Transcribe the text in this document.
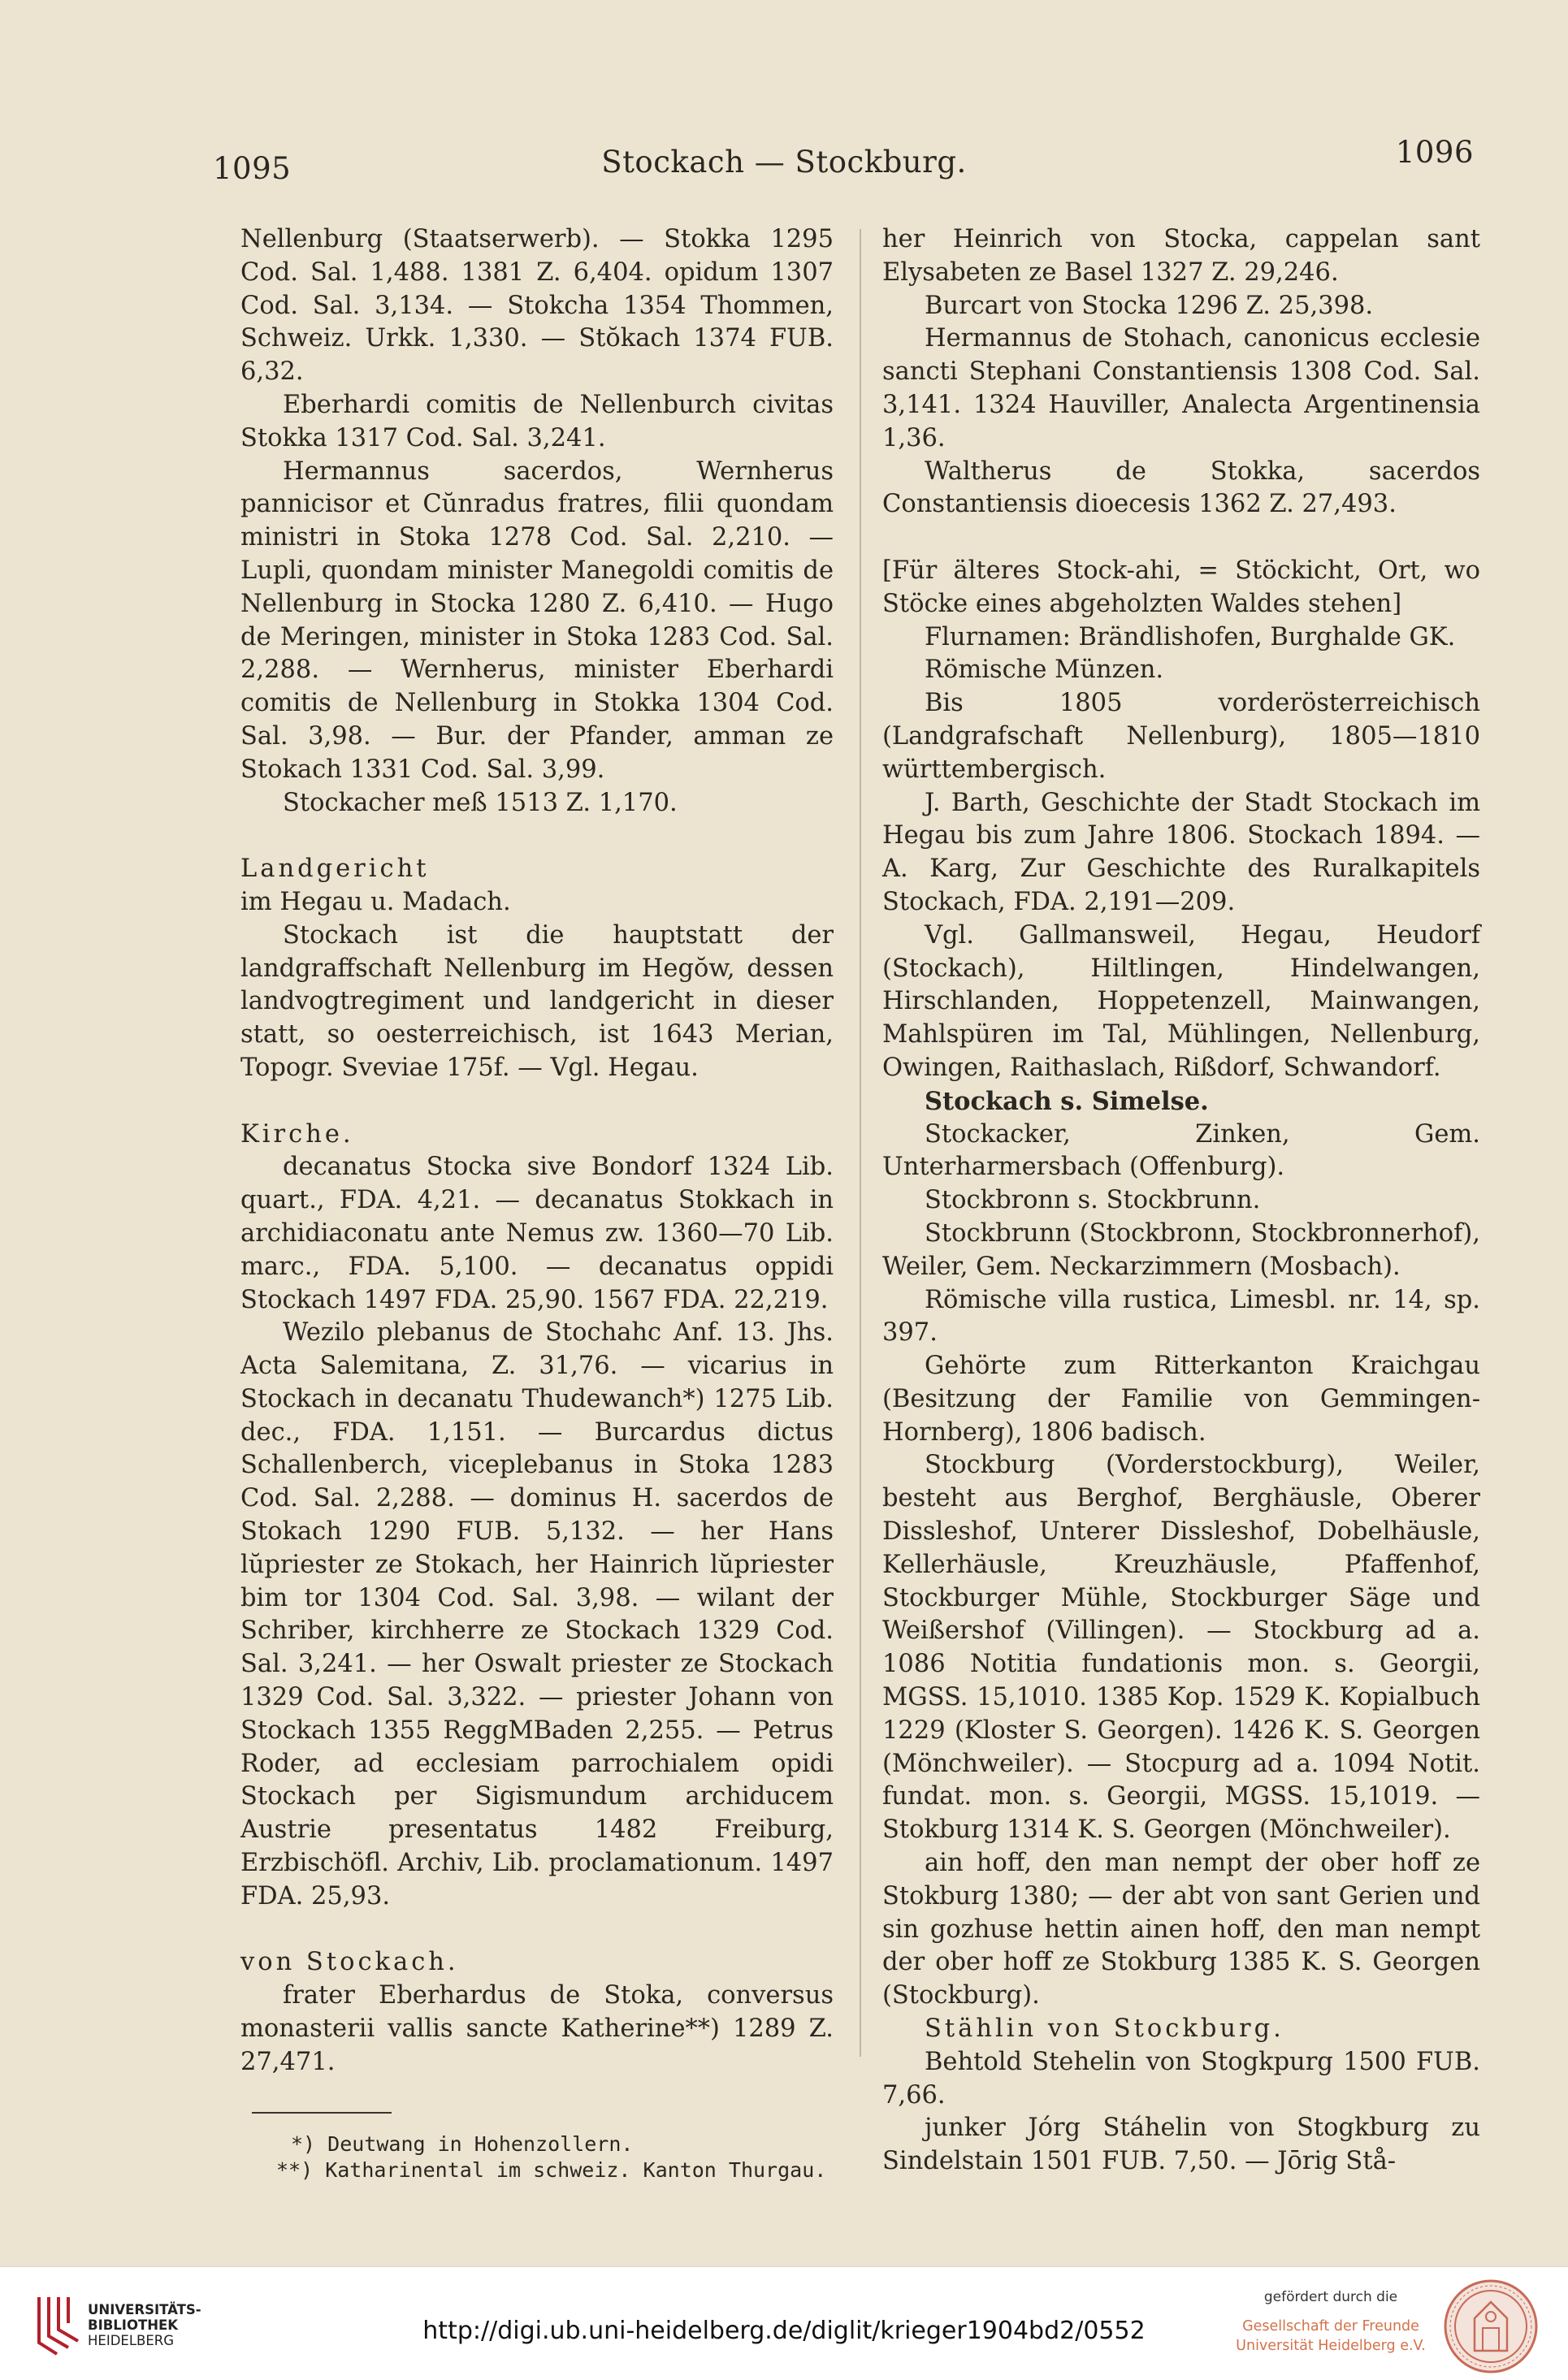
1095	Stockach — Stockburg.	1096

Nellenburg (Staatserwerb). — Stokka 1295 Cod. Sal. 1,488. 1381 Z. 6,404. opidum 1307 Cod. Sal. 3,134. — Stokcha 1354 Thommen, Schweiz. Urkk. 1,330. — Stŏkach 1374 FUB. 6,32.

Eberhardi comitis de Nellenburch civitas Stokka 1317 Cod. Sal. 3,241.

Hermannus sacerdos, Wernherus pannicisor et Cŭnradus fratres, filii quondam ministri in Stoka 1278 Cod. Sal. 2,210. — Lupli, quondam minister Manegoldi comitis de Nellenburg in Stocka 1280 Z. 6,410. — Hugo de Meringen, minister in Stoka 1283 Cod. Sal. 2,288. — Wernherus, minister Eberhardi comitis de Nellenburg in Stokka 1304 Cod. Sal. 3,98. — Bur. der Pfander, amman ze Stokach 1331 Cod. Sal. 3,99.

Stockacher meß 1513 Z. 1,170.

Landgericht

im Hegau u. Madach.

Stockach ist die hauptstatt der landgraffschaft Nellenburg im Hegŏw, dessen landvogtregiment und landgericht in dieser statt, so oesterreichisch, ist 1643 Merian, Topogr. Sveviae 175f. — Vgl. Hegau.

Kirche.

decanatus Stocka sive Bondorf 1324 Lib. quart., FDA. 4,21. — decanatus Stokkach in archidiaconatu ante Nemus zw. 1360—70 Lib. marc., FDA. 5,100. — decanatus oppidi Stockach 1497 FDA. 25,90. 1567 FDA. 22,219.

Wezilo plebanus de Stochahc Anf. 13. Jhs. Acta Salemitana, Z. 31,76. — vicarius in Stockach in decanatu Thudewanch*) 1275 Lib. dec., FDA. 1,151. — Burcardus dictus Schallenberch, viceplebanus in Stoka 1283 Cod. Sal. 2,288. — dominus H. sacerdos de Stokach 1290 FUB. 5,132. — her Hans lŭpriester ze Stokach, her Hainrich lŭpriester bim tor 1304 Cod. Sal. 3,98. — wilant der Schriber, kirchherre ze Stockach 1329 Cod. Sal. 3,241. — her Oswalt priester ze Stockach 1329 Cod. Sal. 3,322. — priester Johann von Stockach 1355 ReggMBaden 2,255. — Petrus Roder, ad ecclesiam parrochialem opidi Stockach per Sigismundum archiducem Austrie presentatus 1482 Freiburg, Erzbischöfl. Archiv, Lib. proclamationum. 1497 FDA. 25,93.

von Stockach.

frater Eberhardus de Stoka, conversus monasterii vallis sancte Katherine**) 1289 Z. 27,471.

*) Deutwang in Hohenzollern.

**) Katharinental im schweiz. Kanton Thurgau.

her Heinrich von Stocka, cappelan sant Elysabeten ze Basel 1327 Z. 29,246.

Burcart von Stocka 1296 Z. 25,398.

Hermannus de Stohach, canonicus ecclesie sancti Stephani Constantiensis 1308 Cod. Sal. 3,141. 1324 Hauviller, Analecta Argentinensia 1,36.

Waltherus de Stokka, sacerdos Constantiensis dioecesis 1362 Z. 27,493.

[Für älteres Stock-ahi, = Stöckicht, Ort, wo Stöcke eines abgeholzten Waldes stehen]

Flurnamen: Brändlishofen, Burghalde GK.

Römische Münzen.

Bis 1805 vorderösterreichisch (Landgrafschaft Nellenburg), 1805—1810 württembergisch.

J. Barth, Geschichte der Stadt Stockach im Hegau bis zum Jahre 1806. Stockach 1894. — A. Karg, Zur Geschichte des Ruralkapitels Stockach, FDA. 2,191—209.

Vgl. Gallmansweil, Hegau, Heudorf (Stockach), Hiltlingen, Hindelwangen, Hirschlanden, Hoppetenzell, Mainwangen, Mahlspüren im Tal, Mühlingen, Nellenburg, Owingen, Raithaslach, Rißdorf, Schwandorf.

Stockach s. Simelse.

Stockacker, Zinken, Gem. Unterharmersbach (Offenburg).

Stockbronn s. Stockbrunn.

Stockbrunn (Stockbronn, Stockbronnerhof), Weiler, Gem. Neckarzimmern (Mosbach).

Römische villa rustica, Limesbl. nr. 14, sp. 397.

Gehörte zum Ritterkanton Kraichgau (Besitzung der Familie von Gemmingen-Hornberg), 1806 badisch.

Stockburg (Vorderstockburg), Weiler, besteht aus Berghof, Berghäusle, Oberer Dissleshof, Unterer Dissleshof, Dobelhäusle, Kellerhäusle, Kreuzhäusle, Pfaffenhof, Stockburger Mühle, Stockburger Säge und Weißershof (Villingen). — Stockburg ad a. 1086 Notitia fundationis mon. s. Georgii, MGSS. 15,1010. 1385 Kop. 1529 K. Kopialbuch 1229 (Kloster S. Georgen). 1426 K. S. Georgen (Mönchweiler). — Stocpurg ad a. 1094 Notit. fundat. mon. s. Georgii, MGSS. 15,1019. — Stokburg 1314 K. S. Georgen (Mönchweiler).

ain hoff, den man nempt der ober hoff ze Stokburg 1380; — der abt von sant Gerien und sin gozhuse hettin ainen hoff, den man nempt der ober hoff ze Stokburg 1385 K. S. Georgen (Stockburg).

Stählin von Stockburg.

Behtold Stehelin von Stogkpurg 1500 FUB. 7,66.

junker Jórg Stáhelin von Stogkburg zu Sindelstain 1501 FUB. 7,50. — Jōrig Stå-

UNIVERSITÄTS-
BIBLIOTHEK
HEIDELBERG	http://digi.ub.uni-heidelberg.de/diglit/krieger1904bd2/0552
gefördert durch die
Gesellschaft der Freunde
Universität Heidelberg e.V.
